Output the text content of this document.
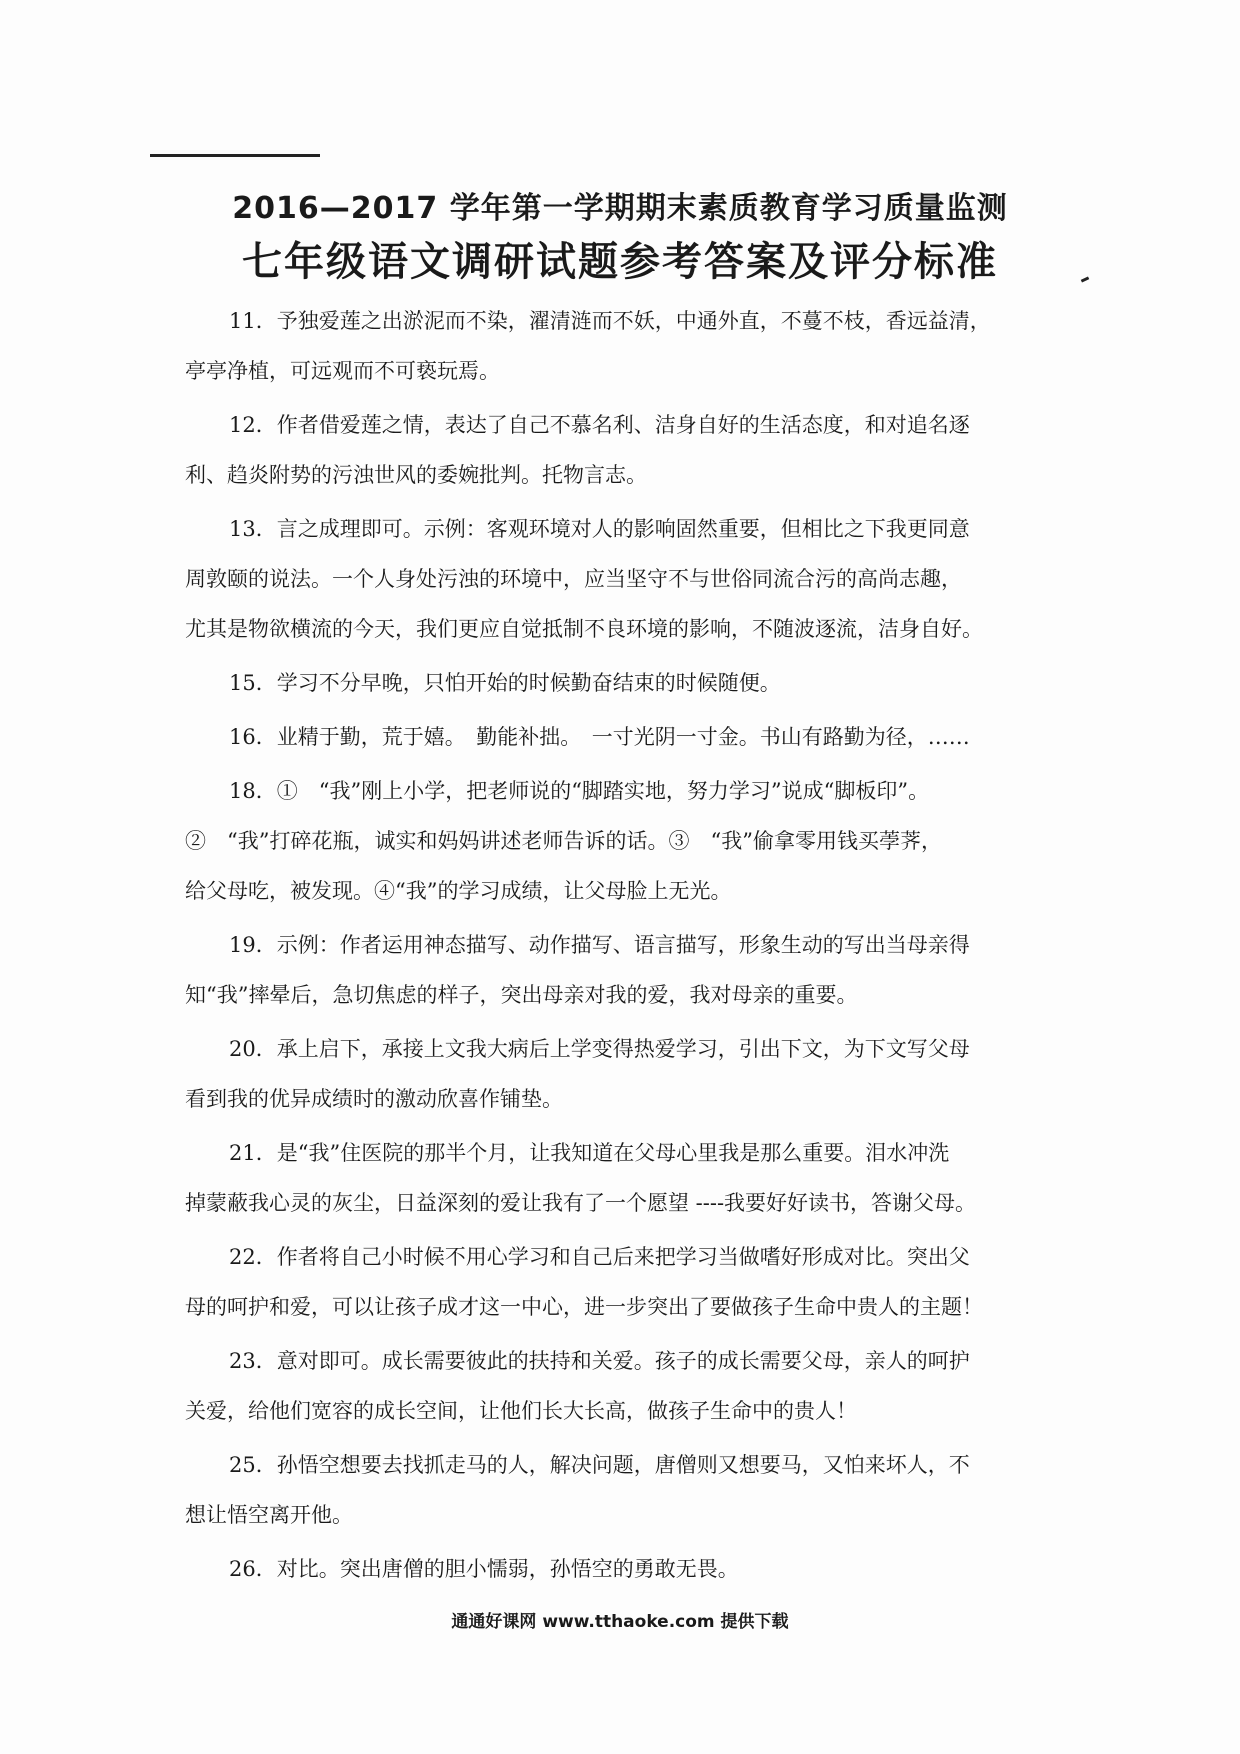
2016—2017 学年第一学期期末素质教育学习质量监测
七年级语文调研试题参考答案及评分标准
11．予独爱莲之出淤泥而不染，濯清涟而不妖，中通外直，不蔓不枝，香远益清，
亭亭净植，可远观而不可亵玩焉。
12．作者借爱莲之情，表达了自己不慕名利、洁身自好的生活态度，和对追名逐
利、趋炎附势的污浊世风的委婉批判。托物言志。
13．言之成理即可。示例：客观环境对人的影响固然重要，但相比之下我更同意
周敦颐的说法。一个人身处污浊的环境中，应当坚守不与世俗同流合污的高尚志趣，
尤其是物欲横流的今天，我们更应自觉抵制不良环境的影响，不随波逐流，洁身自好。
15．学习不分早晚，只怕开始的时候勤奋结束的时候随便。
16．业精于勤，荒于嬉。　勤能补拙。　一寸光阴一寸金。书山有路勤为径，……
18．①　“我”刚上小学，把老师说的“脚踏实地，努力学习”说成“脚板印”。
②　“我”打碎花瓶，诚实和妈妈讲述老师告诉的话。③　“我”偷拿零用钱买荸荠，
给父母吃，被发现。④“我”的学习成绩，让父母脸上无光。
19．示例：作者运用神态描写、动作描写、语言描写，形象生动的写出当母亲得
知“我”摔晕后，急切焦虑的样子，突出母亲对我的爱，我对母亲的重要。
20．承上启下，承接上文我大病后上学变得热爱学习，引出下文，为下文写父母
看到我的优异成绩时的激动欣喜作铺垫。
21．是“我”住医院的那半个月，让我知道在父母心里我是那么重要。泪水冲洗
掉蒙蔽我心灵的灰尘，日益深刻的爱让我有了一个愿望 ----我要好好读书，答谢父母。
22．作者将自己小时候不用心学习和自己后来把学习当做嗜好形成对比。突出父
母的呵护和爱，可以让孩子成才这一中心，进一步突出了要做孩子生命中贵人的主题！
23．意对即可。成长需要彼此的扶持和关爱。孩子的成长需要父母，亲人的呵护
关爱，给他们宽容的成长空间，让他们长大长高，做孩子生命中的贵人！
25．孙悟空想要去找抓走马的人，解决问题，唐僧则又想要马，又怕来坏人，不
想让悟空离开他。
26．对比。突出唐僧的胆小懦弱，孙悟空的勇敢无畏。
通通好课网 www.tthaoke.com 提供下载
